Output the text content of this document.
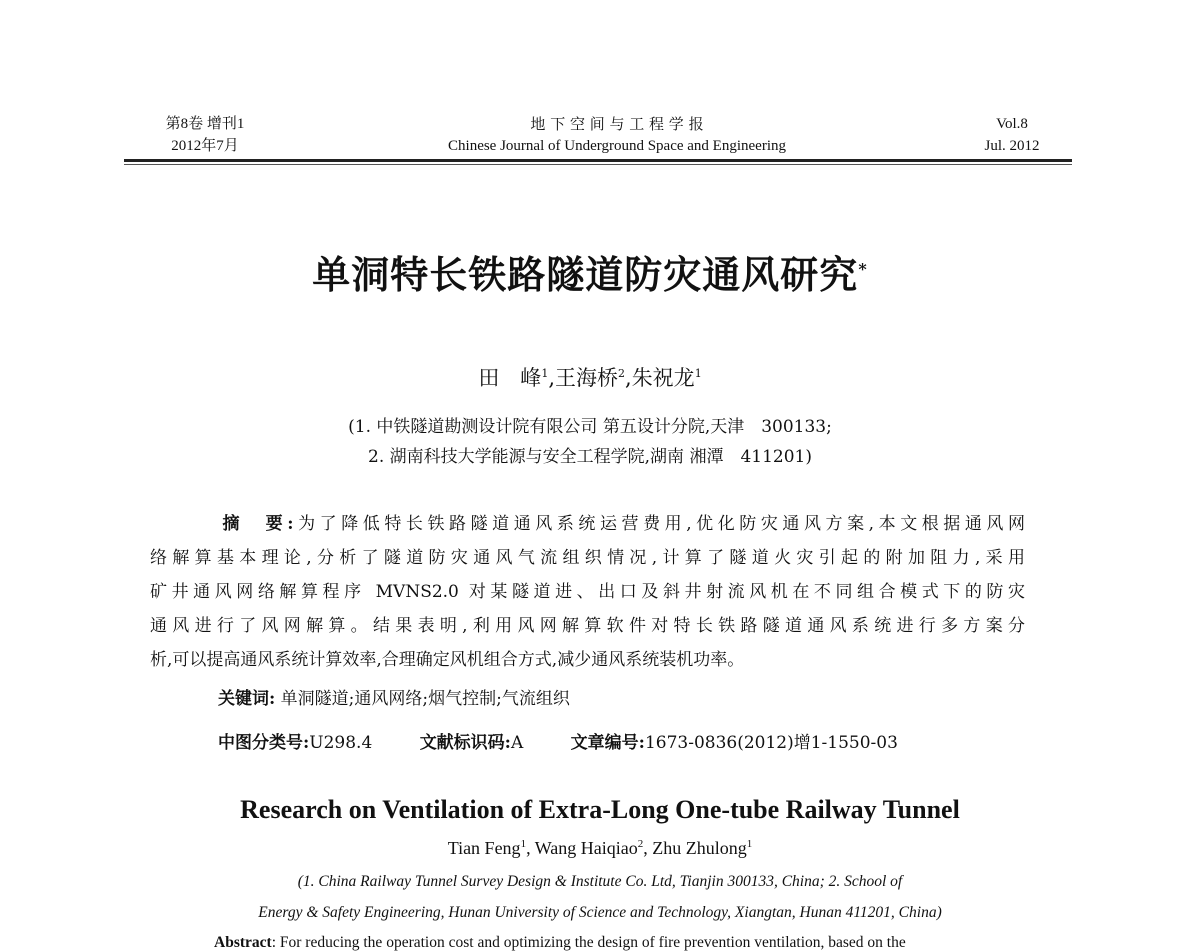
第8卷 增刊1
2012年7月
地 下 空 间 与 工 程 学 报
Chinese Journal of Underground Space and Engineering
Vol.8
Jul. 2012
单洞特长铁路隧道防灾通风研究*
田　峰$^1$,王海桥$^2$,朱祝龙$^1$
(1. 中铁隧道勘测设计院有限公司 第五设计分院,天津　300133;
2. 湖南科技大学能源与安全工程学院,湖南 湘潭　411201)
摘　要:为了降低特长铁路隧道通风系统运营费用,优化防灾通风方案,本文根据通风网
络解算基本理论,分析了隧道防灾通风气流组织情况,计算了隧道火灾引起的附加阻力,采用
矿井通风网络解算程序 MVNS2.0 对某隧道进、出口及斜井射流风机在不同组合模式下的防灾
通风进行了风网解算。结果表明,利用风网解算软件对特长铁路隧道通风系统进行多方案分
析,可以提高通风系统计算效率,合理确定风机组合方式,减少通风系统装机功率。
关键词: 单洞隧道;通风网络;烟气控制;气流组织
中图分类号:U298.4	文献标识码:A	文章编号:1673-0836(2012)增1-1550-03
Research on Ventilation of Extra-Long One-tube Railway Tunnel
Tian Feng$^1$, Wang Haiqiao$^2$, Zhu Zhulong$^1$
(1. China Railway Tunnel Survey Design & Institute Co. Ltd, Tianjin 300133, China; 2. School of
Energy & Safety Engineering, Hunan University of Science and Technology, Xiangtan, Hunan 411201, China)
Abstract: For reducing the operation cost and optimizing the design of fire prevention ventilation, based on the
